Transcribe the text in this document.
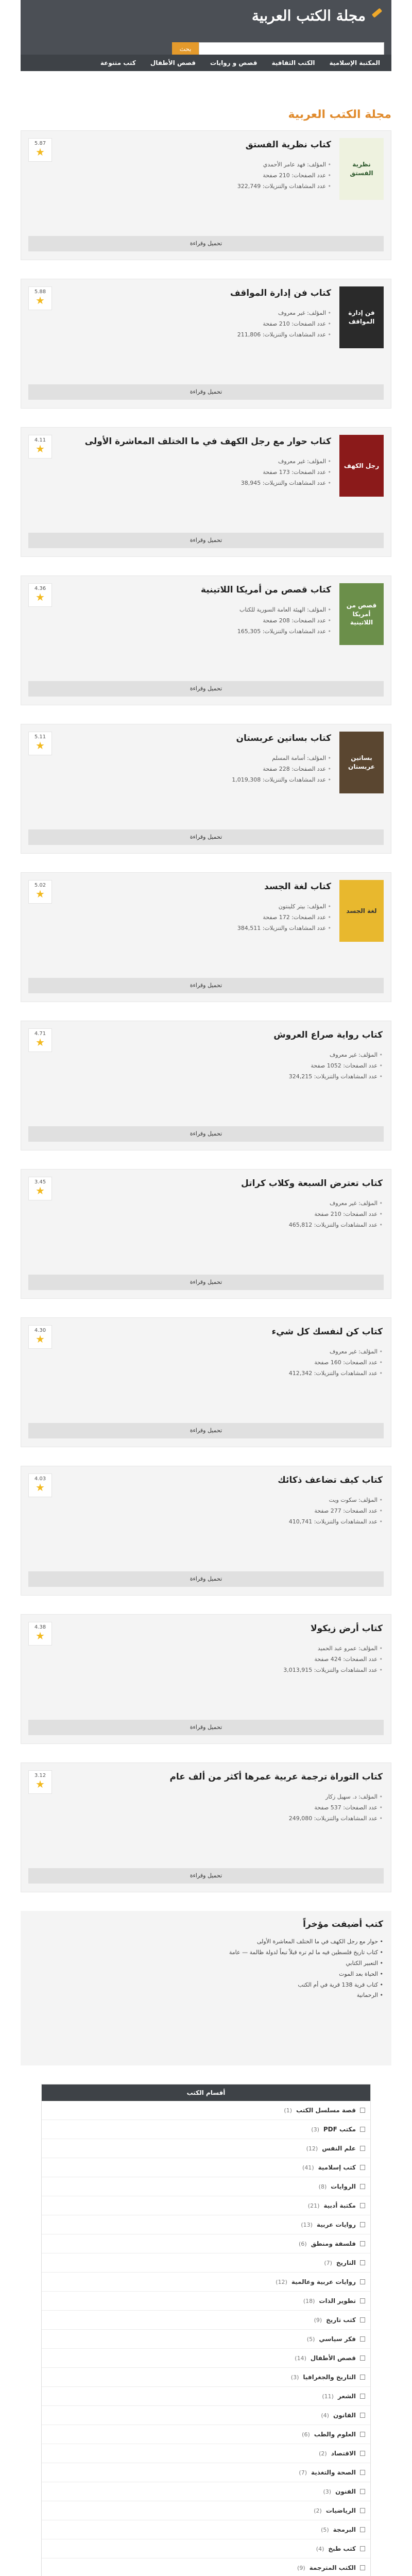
مجلة الكتب العربية
بحث
المكتبة الإسلامية
الكتب الثقافية
قصص و روايات
قصص الأطفال
كتب متنوعة
مجلة الكتب العربية
نظرية الفستق
كتاب نظرية الفستق
• المؤلف: فهد عامر الأحمدي
• عدد الصفحات: 210 صفحة
• عدد المشاهدات والتنزيلات: 322,749
5.87
★
تحميل وقراءة
فن إدارة المواقف
كتاب فن إدارة المواقف
• المؤلف: غير معروف
• عدد الصفحات: 210 صفحة
• عدد المشاهدات والتنزيلات: 211,806
5.88
★
تحميل وقراءة
رجل الكهف
كتاب حوار مع رجل الكهف في ما الختلف المعاشرة الأولى
• المؤلف: غير معروف
• عدد الصفحات: 173 صفحة
• عدد المشاهدات والتنزيلات: 38,945
4.11
★
تحميل وقراءة
قصص من أمريكا اللاتينية
كتاب قصص من أمريكا اللاتينية
• المؤلف: الهيئة العامة السورية للكتاب
• عدد الصفحات: 208 صفحة
• عدد المشاهدات والتنزيلات: 165,305
4.36
★
تحميل وقراءة
بساتين عربستان
كتاب بساتين عربستان
• المؤلف: أسامة المسلم
• عدد الصفحات: 228 صفحة
• عدد المشاهدات والتنزيلات: 1,019,308
5.11
★
تحميل وقراءة
لغة الجسد
كتاب لغة الجسد
• المؤلف: بيتر كلينتون
• عدد الصفحات: 172 صفحة
• عدد المشاهدات والتنزيلات: 384,511
5.02
★
تحميل وقراءة
كتاب رواية صراع العروش
• المؤلف: غير معروف
• عدد الصفحات: 1052 صفحة
• عدد المشاهدات والتنزيلات: 324,215
4.71
★
تحميل وقراءة
كتاب تعترض السبعة وكلاب كراتل
• المؤلف: غير معروف
• عدد الصفحات: 210 صفحة
• عدد المشاهدات والتنزيلات: 465,812
3.45
★
تحميل وقراءة
كتاب كن لنفسك كل شيء
• المؤلف: غير معروف
• عدد الصفحات: 160 صفحة
• عدد المشاهدات والتنزيلات: 412,342
4.30
★
تحميل وقراءة
كتاب كيف تضاعف ذكائك
• المؤلف: سكوت ويت
• عدد الصفحات: 277 صفحة
• عدد المشاهدات والتنزيلات: 410,741
4.03
★
تحميل وقراءة
كتاب أرض زيكولا
• المؤلف: عمرو عبد الحميد
• عدد الصفحات: 424 صفحة
• عدد المشاهدات والتنزيلات: 3,013,915
4.38
★
تحميل وقراءة
كتاب التوراة ترجمة عربية عمرها أكثر من ألف عام
• المؤلف: د. سهيل زكار
• عدد الصفحات: 537 صفحة
• عدد المشاهدات والتنزيلات: 249,080
3.12
★
تحميل وقراءة
كتب أضيفت مؤخراً
• حوار مع رجل الكهف في ما الختلف المعاشرة الأولى
• كتاب تاريخ فلسطين فيه ما لم تره قبلاً تبعاً لدولة ظالمة — عامة
• التعبير الكتابي
• الحياة بعد الموت
• كتاب قرية 138 قرية في أم الكتب
• الرحمانية
أقسام الكتب
قصة مسلسل الكتب
(1)
مكتب PDF
(3)
علم النفس
(12)
كتب إسلامية
(41)
الروايات
(8)
مكتبة أدبية
(21)
روايات عربية
(13)
فلسفة ومنطق
(6)
التاريخ
(7)
روايات عربية وعالمية
(12)
تطوير الذات
(18)
كتب تاريخ
(9)
فكر سياسي
(5)
قصص الأطفال
(14)
التاريخ والجغرافيا
(3)
الشعر
(11)
القانون
(4)
العلوم والطب
(6)
الاقتصاد
(2)
الصحة والتغذية
(7)
الفنون
(3)
الرياضيات
(2)
البرمجة
(5)
كتب طبخ
(4)
الكتب المترجمة
(9)
